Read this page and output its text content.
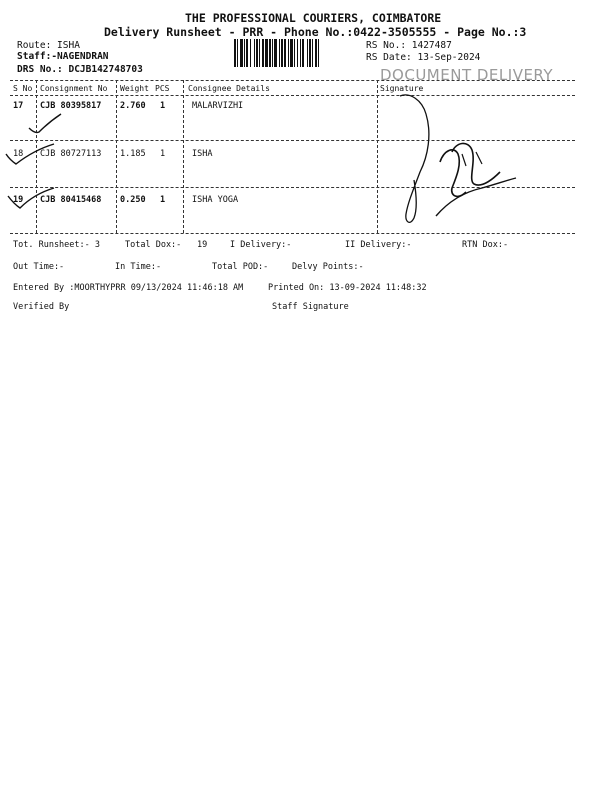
THE PROFESSIONAL COURIERS, COIMBATORE
Delivery Runsheet - PRR - Phone No.:0422-3505555 - Page No.:3
Route: ISHA
Staff:-NAGENDRAN
DRS No.: DCJB142748703
RS No.: 1427487
RS Date: 13-Sep-2024
DOCUMENT DELIVERY
S No Consignment No Weight PCS Consignee Details	Signature
17 CJB 80395817 2.760 1	MALARVIZHI
18 CJB 80727113 1.185 1	ISHA
19 CJB 80415468 0.250 1	ISHA YOGA
Tot. Runsheet:- 3	Total Dox:- 19	I Delivery:-	II Delivery:-	RTN Dox:-
Out Time:-	In Time:-	Total POD:-	Delvy Points:-
Entered By :MOORTHYPRR 09/13/2024 11:46:18 AM	Printed On: 13-09-2024 11:48:32
Verified By	Staff Signature
